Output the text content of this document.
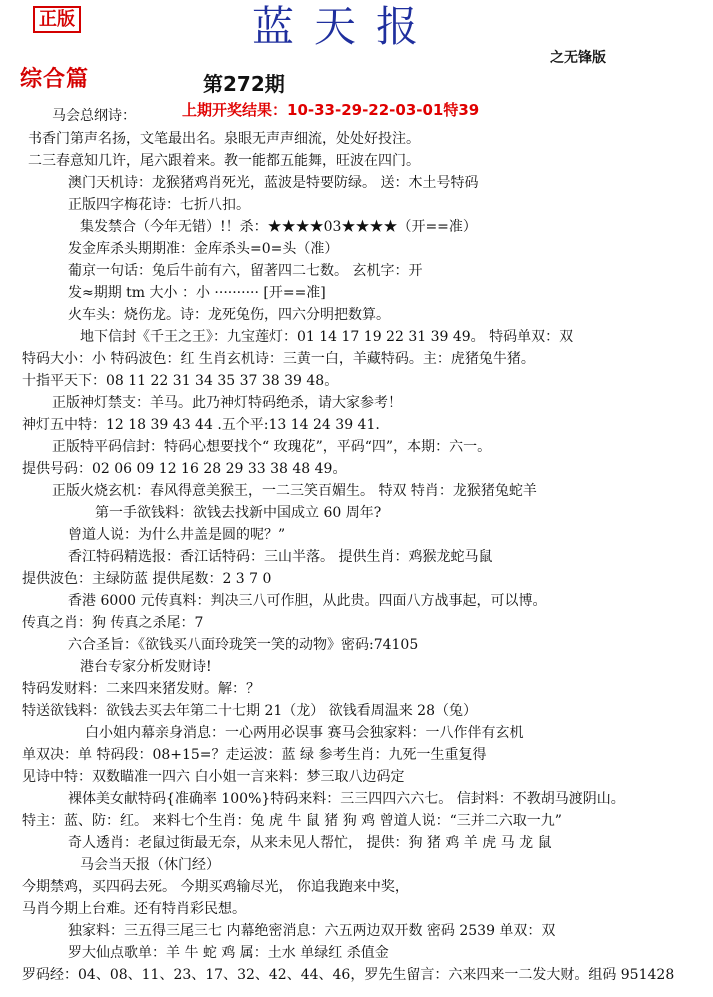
正版	蓝天报
之无锋版
综合篇	第272期
上期开奖结果：10-33-29-22-03-01特39
马会总纲诗：
书香门第声名扬，文笔最出名。泉眼无声声细流，处处好投注。
二三春意知几许，尾六跟着来。教一能都五能舞，旺波在四门。
澳门天机诗：龙猴猪鸡肖死光，蓝波是特要防绿。 送：木土号特码
正版四字梅花诗：七折八扣。
集发禁合（今年无错）!！杀：★★★★03★★★★（开==准）
发金库杀头期期准：金库杀头=0=头（准）
葡京一句话：兔后牛前有六，留著四二七数。 玄机字：开
发≈期期 tm 大小 ：小 ·········· [开==准]
火车头：烧伤龙。诗：龙死兔伤，四六分明把数算。
地下信封《千王之王》：九宝莲灯：01 14 17 19 22 31 39 49。 特码单双：双
特码大小：小 特码波色：红 生肖玄机诗：三黄一白，羊藏特码。主：虎猪兔牛猪。
十指平天下：08 11 22 31 34 35 37 38 39 48。
正版神灯禁支：羊马。此乃神灯特码绝杀，请大家参考！
神灯五中特：12 18 39 43 44 .五个平:13 14 24 39 41.
正版特平码信封：特码心想要找个“ 玫瑰花”，平码“四”，本期：六一。
提供号码：02 06 09 12 16 28 29 33 38 48 49。
正版火烧玄机：春风得意美猴王，一二三笑百媚生。 特双 特肖：龙猴猪兔蛇羊
第一手欲钱料：欲钱去找新中国成立 60 周年?
曾道人说：为什么井盖是圆的呢？”
香江特码精选报：香江话特码：三山半落。 提供生肖：鸡猴龙蛇马鼠
提供波色：主绿防蓝 提供尾数：2 3 7 0
香港 6000 元传真料：判决三八可作胆，从此贵。四面八方战事起，可以博。
传真之肖：狗 传真之杀尾：7
六合圣旨：《欲钱买八面玲珑笑一笑的动物》密码:74105
港台专家分析发财诗!
特码发财料：二来四来猪发财。解：？
特送欲钱料：欲钱去买去年第二十七期 21（龙） 欲钱看周温来 28（兔）
白小姐内幕亲身消息：一心两用必误事 赛马会独家料：一八作伴有玄机
单双决：单 特码段：08+15=？走运波：蓝 绿 参考生肖：九死一生重复得
见诗中特：双数瞄准一四六 白小姐一言来料：梦三取八边码定
裸体美女献特码{准确率 100%}特码来料：三三四四六六七。 信封料：不教胡马渡阴山。
特主：蓝、防：红。 来料七个生肖：兔 虎 牛 鼠 猪 狗 鸡 曾道人说：“三并二六取一九”
奇人透肖：老鼠过街最无奈，从来未见人帮忙， 提供：狗 猪 鸡 羊 虎 马 龙 鼠
马会当天报（休门经）
今期禁鸡，买四码去死。 今期买鸡输尽光， 你追我跑来中奖，
马肖今期上台难。还有特肖彩民想。
独家料：三五得三尾三七 内幕绝密消息：六五两边双开数 密码 2539 单双：双
罗大仙点歌单：羊 牛 蛇 鸡 属：土水 单绿红 杀值金
罗码经：04、08、11、23、17、32、42、44、46，罗先生留言：六来四来一二发大财。组码 951428
